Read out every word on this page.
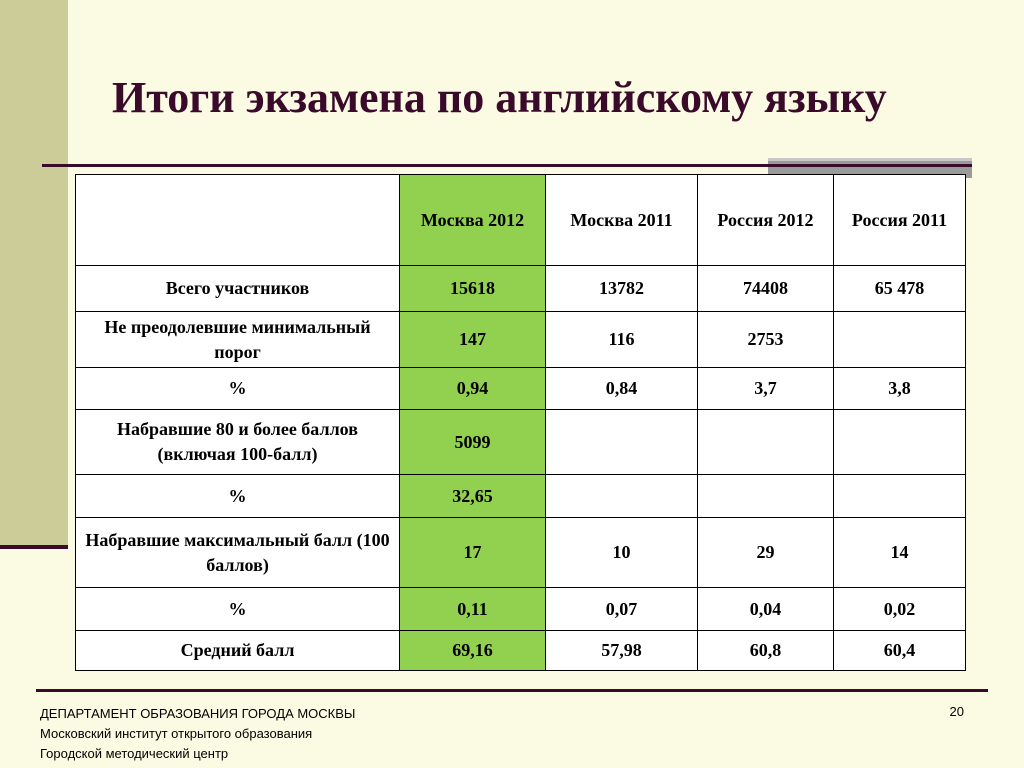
Итоги экзамена по английскому языку
	Москва 2012	Москва 2011	Россия 2012	Россия 2011
Всего участников	15618	13782	74408	65 478
Не преодолевшие минимальный порог	147	116	2753	
%	0,94	0,84	3,7	3,8
Набравшие 80 и более баллов (включая 100-балл)	5099			
%	32,65			
Набравшие максимальный балл (100 баллов)	17	10	29	14
%	0,11	0,07	0,04	0,02
Средний балл	69,16	57,98	60,8	60,4
ДЕПАРТАМЕНТ ОБРАЗОВАНИЯ ГОРОДА МОСКВЫ
Московский институт открытого образования
Городской методический центр
20
